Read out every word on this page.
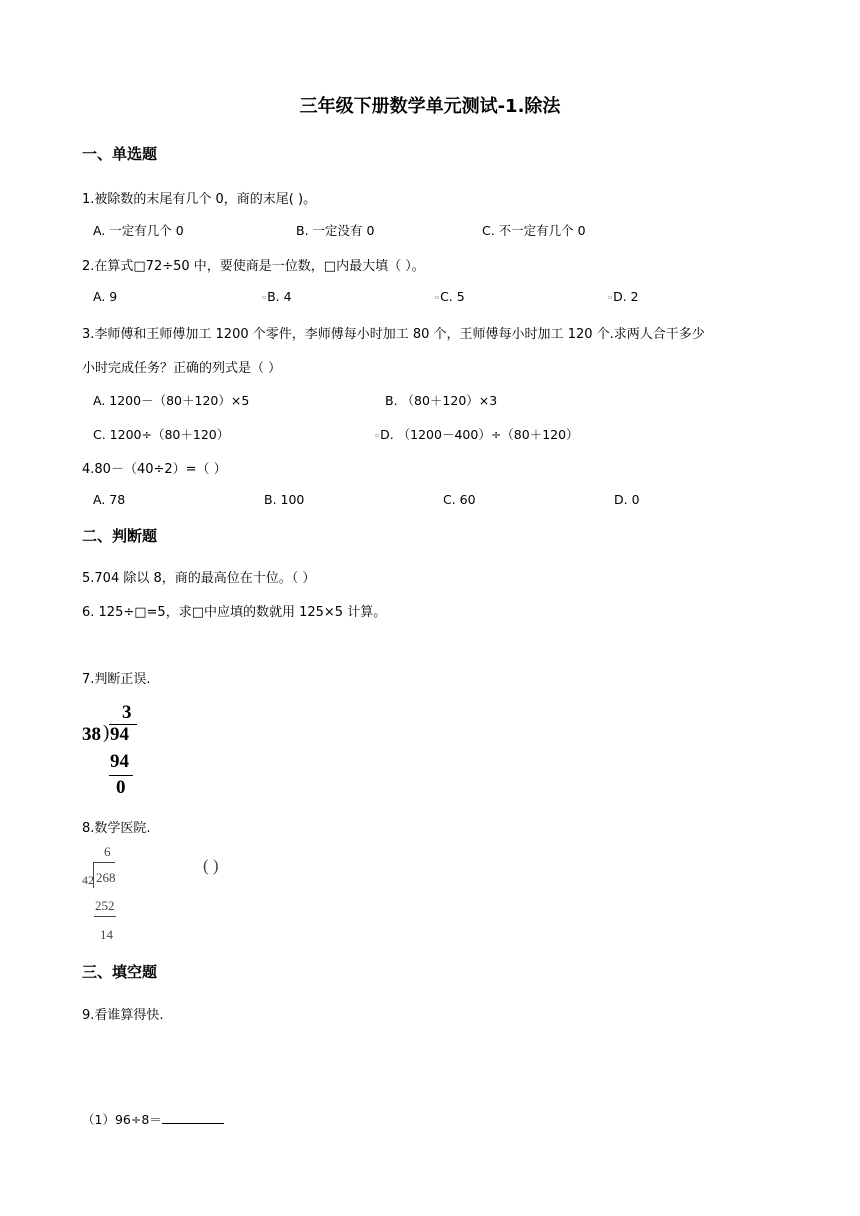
三年级下册数学单元测试-1.除法
一、单选题
1.被除数的末尾有几个 0，商的末尾( )。
A. 一定有几个 0	B. 一定没有 0	C. 不一定有几个 0
2.在算式□72÷50 中，要使商是一位数，□内最大填（ ）。
A. 9	▫B. 4	▫C. 5	▫D. 2
3.李师傅和王师傅加工 1200 个零件，李师傅每小时加工 80 个，王师傅每小时加工 120 个.求两人合干多少
小时完成任务？正确的列式是（ ）
A. 1200－（80＋120）×5	B. （80＋120）×3
C. 1200÷（80＋120）	▫D. （1200－400）÷（80＋120）
4.80－（40÷2）=（ ）
A. 78	B. 100	C. 60	D. 0
二、判断题
5.704 除以 8，商的最高位在十位。（ ）
6. 125÷□=5，求□中应填的数就用 125×5 计算。
7.判断正误.
3
38 ) 94
94
0
8.数学医院.
6
42 268
252
14
( )
三、填空题
9.看谁算得快.
（1）96÷8＝
